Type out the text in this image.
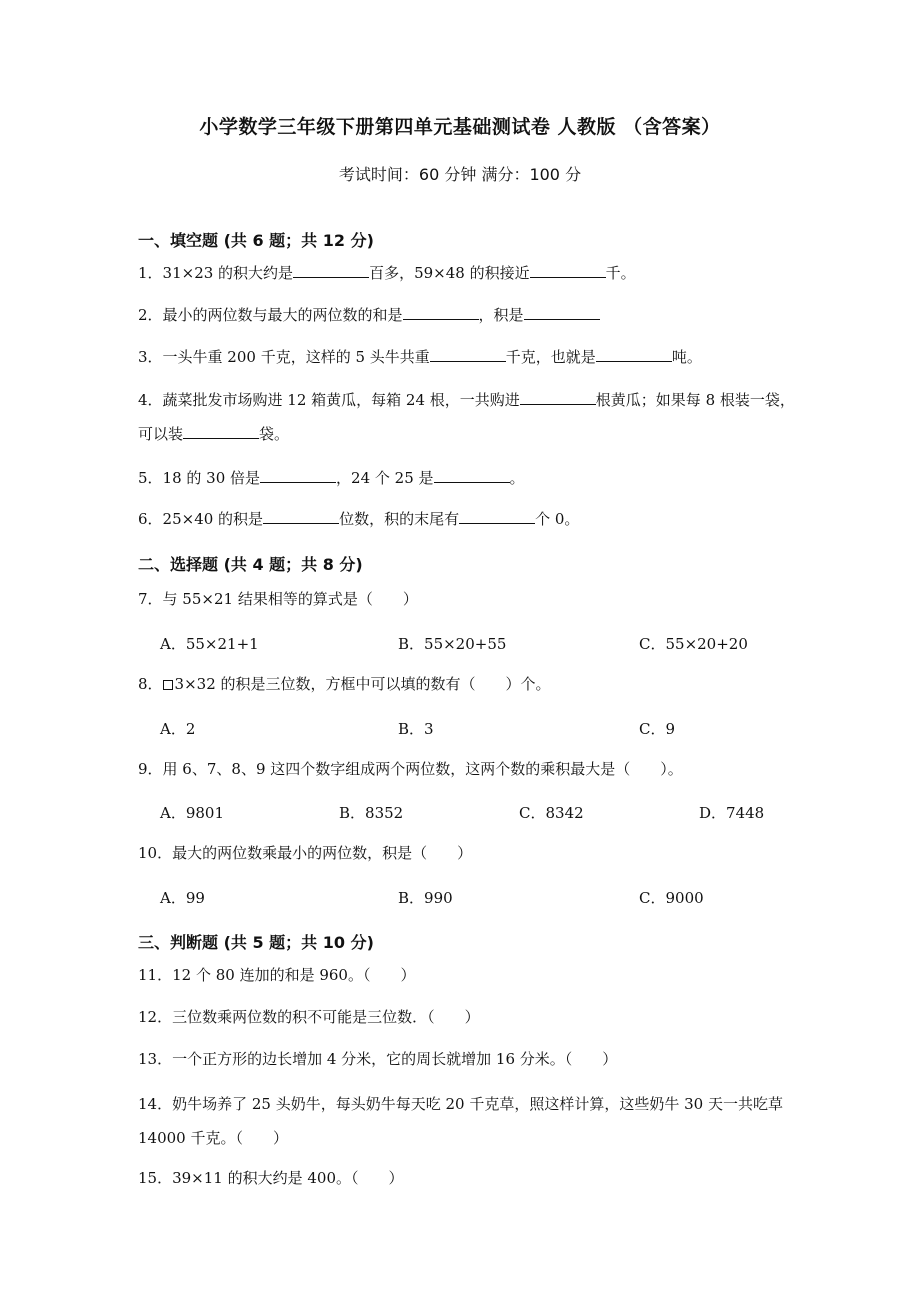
小学数学三年级下册第四单元基础测试卷 人教版 （含答案）
考试时间：60 分钟 满分：100 分
一、填空题 (共 6 题；共 12 分)
1．31×23 的积大约是	百多，59×48 的积接近	千。
2．最小的两位数与最大的两位数的和是	，积是
3．一头牛重 200 千克，这样的 5 头牛共重	千克，也就是	吨。
4．蔬菜批发市场购进 12 箱黄瓜，每箱 24 根，一共购进	根黄瓜；如果每 8 根装一袋，可以装	袋。
5．18 的 30 倍是	，24 个 25 是	。
6．25×40 的积是	位数，积的末尾有	个 0。
二、选择题 (共 4 题；共 8 分)
7．与 55×21 结果相等的算式是（　　）
A．55×21+1	B．55×20+55	C．55×20+20
8． 3×32 的积是三位数，方框中可以填的数有（　　）个。
A．2	B．3	C．9
9．用 6、7、8、9 这四个数字组成两个两位数，这两个数的乘积最大是（　　）。
A．9801	B．8352	C．8342	D．7448
10．最大的两位数乘最小的两位数，积是（　　）
A．99	B．990	C．9000
三、判断题 (共 5 题；共 10 分)
11．12 个 80 连加的和是 960。（　　）
12．三位数乘两位数的积不可能是三位数．（　　）
13．一个正方形的边长增加 4 分米，它的周长就增加 16 分米。（　　）
14．奶牛场养了 25 头奶牛，每头奶牛每天吃 20 千克草，照这样计算，这些奶牛 30 天一共吃草 14000 千克。（　　）
15．39×11 的积大约是 400。（　　）
